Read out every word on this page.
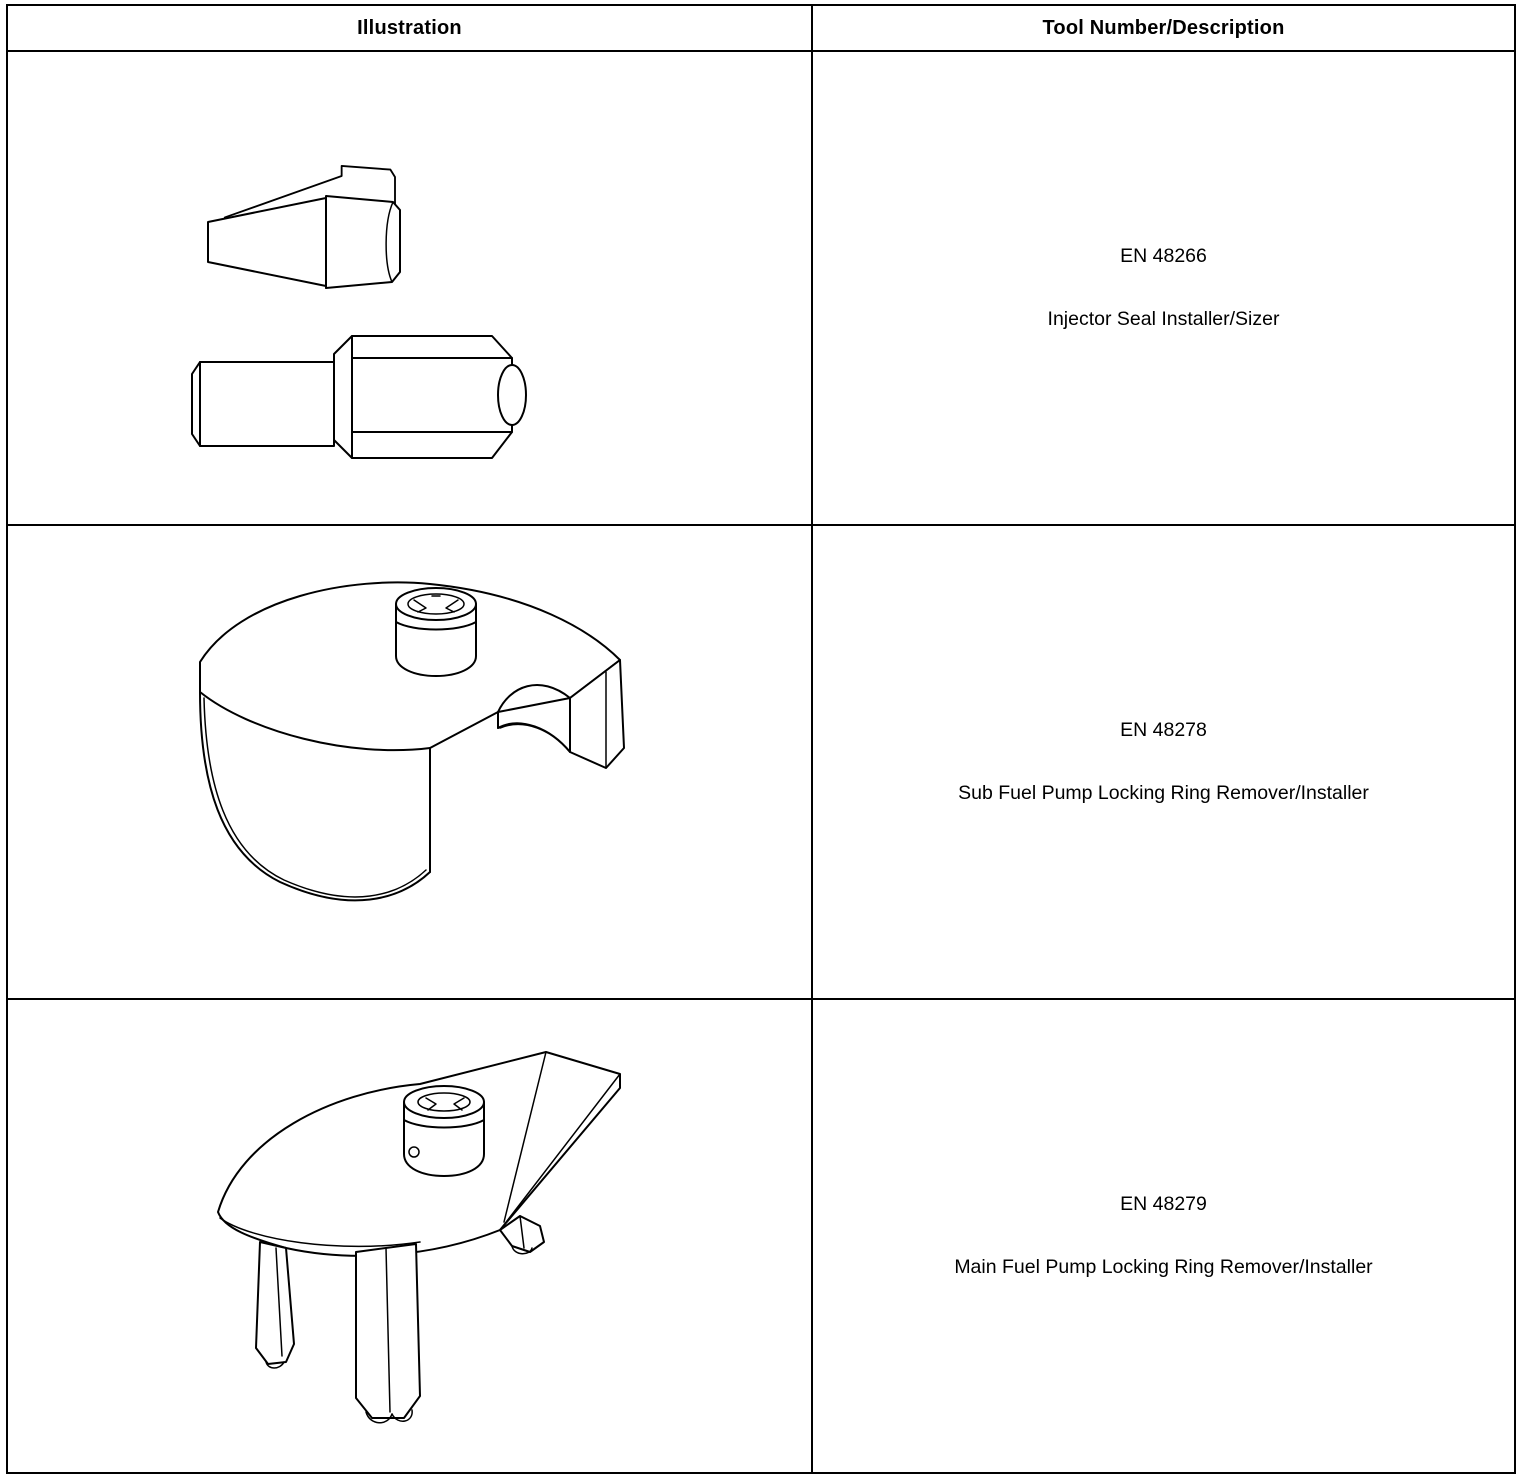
Illustration	Tool Number/Description

EN 48266
Injector Seal Installer/Sizer

EN 48278
Sub Fuel Pump Locking Ring Remover/Installer

EN 48279
Main Fuel Pump Locking Ring Remover/Installer
